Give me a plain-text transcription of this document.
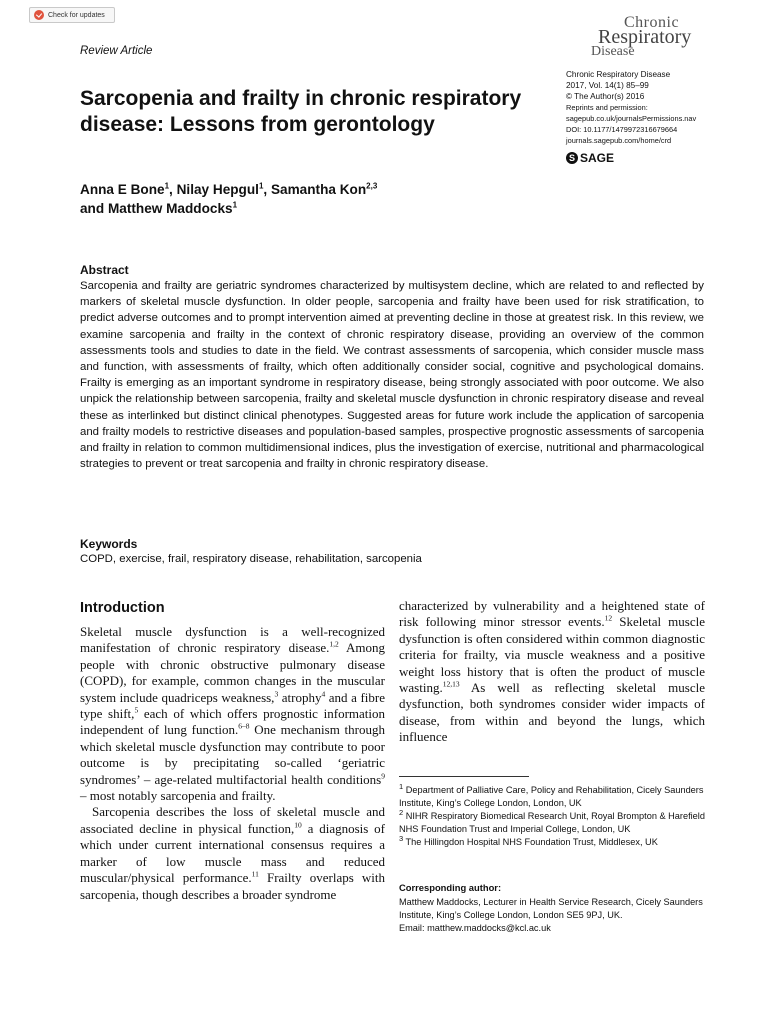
Check for updates	Chronic
Respiratory
Disease
Review Article
Sarcopenia and frailty in chronic respiratory
disease: Lessons from gerontology
Chronic Respiratory Disease
2017, Vol. 14(1) 85–99
© The Author(s) 2016
Reprints and permission:
sagepub.co.uk/journalsPermissions.nav
DOI: 10.1177/1479972316679664
journals.sagepub.com/home/crd
S SAGE
Anna E Bone$^1$, Nilay Hepgul$^1$, Samantha Kon$^{2,3}$
and Matthew Maddocks$^1$
Abstract
Sarcopenia and frailty are geriatric syndromes characterized by multisystem decline, which are related to and reflected by markers of skeletal muscle dysfunction. In older people, sarcopenia and frailty have been used for risk stratification, to predict adverse outcomes and to prompt intervention aimed at preventing decline in those at greatest risk. In this review, we examine sarcopenia and frailty in the context of chronic respiratory disease, providing an overview of the common assessments tools and studies to date in the field. We contrast assessments of sarcopenia, which consider muscle mass and function, with assessments of frailty, which often additionally consider social, cognitive and psychological domains. Frailty is emerging as an important syndrome in respiratory disease, being strongly associated with poor outcome. We also unpick the relationship between sarcopenia, frailty and skeletal muscle dysfunction in chronic respiratory disease and reveal these as interlinked but distinct clinical phenotypes. Suggested areas for future work include the application of sarcopenia and frailty models to restrictive diseases and population-based samples, prospective prognostic assessments of sarcopenia and frailty in relation to common multidimensional indices, plus the investigation of exercise, nutritional and pharmacological strategies to prevent or treat sarcopenia and frailty in chronic respiratory disease.
Keywords
COPD, exercise, frail, respiratory disease, rehabilitation, sarcopenia
Introduction

Skeletal muscle dysfunction is a well-recognized manifestation of chronic respiratory disease.$^{1,2}$ Among people with chronic obstructive pulmonary disease (COPD), for example, common changes in the muscular system include quadriceps weakness,$^3$ atrophy$^4$ and a fibre type shift,$^5$ each of which offers prognostic information independent of lung function.$^{6-8}$ One mechanism through which skeletal muscle dysfunction may contribute to poor outcome is by precipitating so-called ‘geriatric syndromes’ – age-related multifactorial health conditions$^9$ – most notably sarcopenia and frailty.

Sarcopenia describes the loss of skeletal muscle and associated decline in physical function,$^{10}$ a diagnosis of which under current international consensus requires a marker of low muscle mass and reduced muscular/physical performance.$^{11}$ Frailty overlaps with sarcopenia, though describes a broader syndrome

characterized by vulnerability and a heightened state of risk following minor stressor events.$^{12}$ Skeletal muscle dysfunction is often considered within common diagnostic criteria for frailty, via muscle weakness and a positive weight loss history that is often the product of muscle wasting.$^{12,13}$ As well as reflecting skeletal muscle dysfunction, both syndromes consider wider impacts of disease, from within and beyond the lungs, which influence

$^1$ Department of Palliative Care, Policy and Rehabilitation, Cicely Saunders Institute, King’s College London, London, UK

$^2$ NIHR Respiratory Biomedical Research Unit, Royal Brompton & Harefield NHS Foundation Trust and Imperial College, London, UK

$^3$ The Hillingdon Hospital NHS Foundation Trust, Middlesex, UK

Corresponding author:
Matthew Maddocks, Lecturer in Health Service Research, Cicely Saunders Institute, King’s College London, London SE5 9PJ, UK.
Email: matthew.maddocks@kcl.ac.uk
